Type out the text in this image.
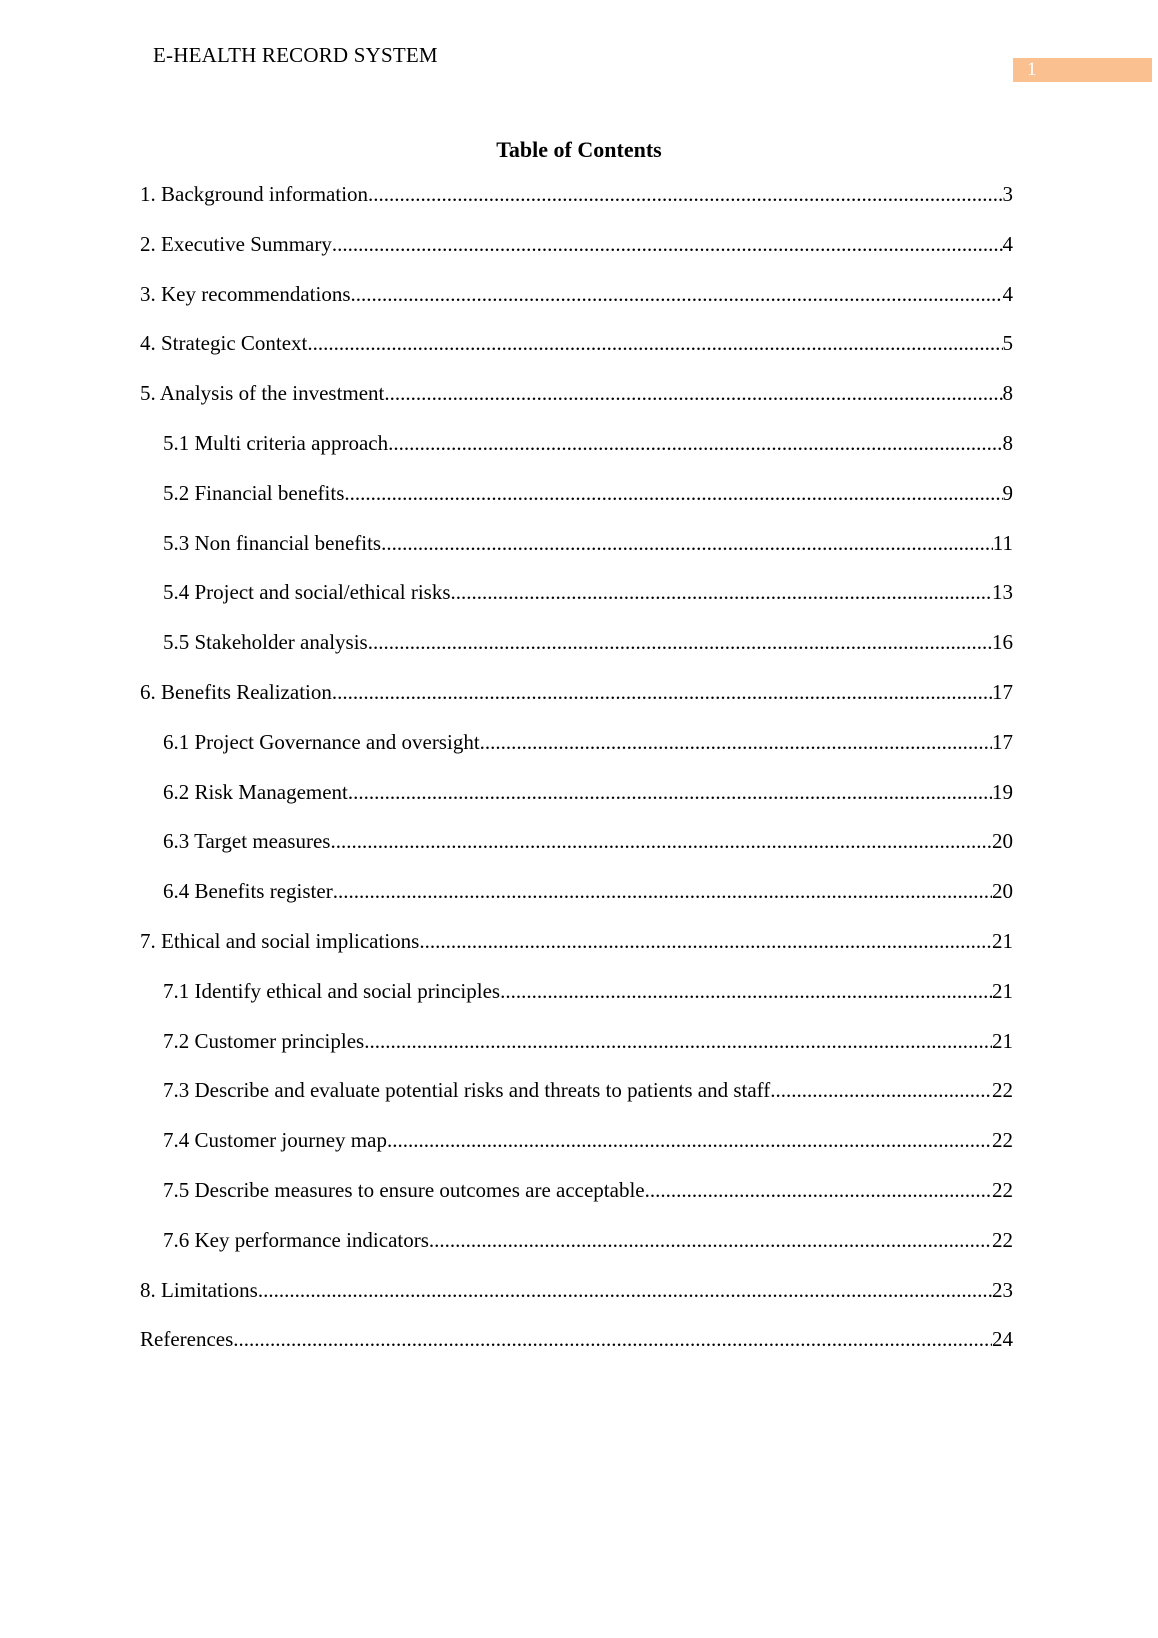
E-HEALTH RECORD SYSTEM
1
Table of Contents
1. Background information .....	3
2. Executive Summary .....	4
3. Key recommendations .....	4
4. Strategic Context .....	5
5. Analysis of the investment .....	8
5.1 Multi criteria approach .....	8
5.2 Financial benefits .....	9
5.3 Non financial benefits .....	11
5.4 Project and social/ethical risks .....	13
5.5 Stakeholder analysis .....	16
6. Benefits Realization .....	17
6.1 Project Governance and oversight .....	17
6.2 Risk Management .....	19
6.3 Target measures .....	20
6.4 Benefits register .....	20
7. Ethical and social implications .....	21
7.1 Identify ethical and social principles .....	21
7.2 Customer principles .....	21
7.3 Describe and evaluate potential risks and threats to patients and staff .....	22
7.4 Customer journey map .....	22
7.5 Describe measures to ensure outcomes are acceptable .....	22
7.6 Key performance indicators .....	22
8. Limitations .....	23
References .....	24
